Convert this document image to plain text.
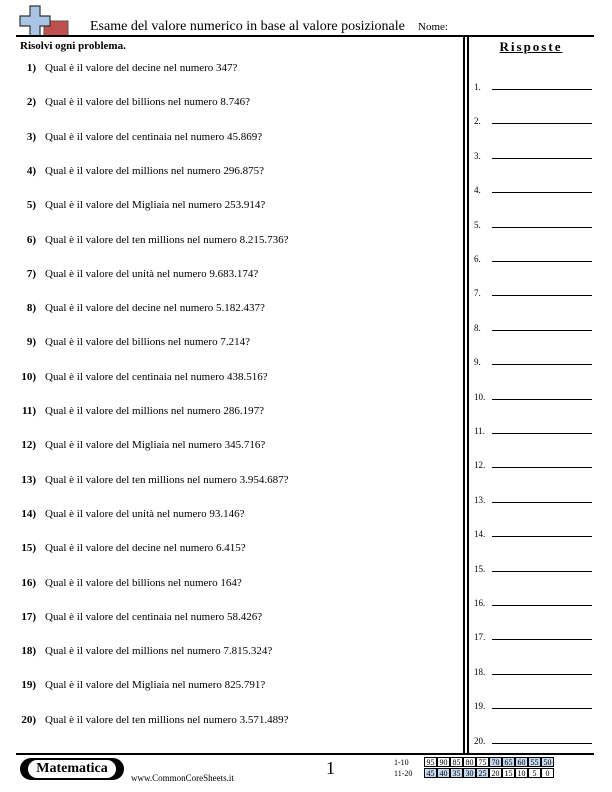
Esame del valore numerico in base al valore posizionale Nome:
Risolvi ogni problema.
1) Qual è il valore del decine nel numero 347?
2) Qual è il valore del billions nel numero 8.746?
3) Qual è il valore del centinaia nel numero 45.869?
4) Qual è il valore del millions nel numero 296.875?
5) Qual è il valore del Migliaia nel numero 253.914?
6) Qual è il valore del ten millions nel numero 8.215.736?
7) Qual è il valore del unità nel numero 9.683.174?
8) Qual è il valore del decine nel numero 5.182.437?
9) Qual è il valore del billions nel numero 7.214?
10) Qual è il valore del centinaia nel numero 438.516?
11) Qual è il valore del millions nel numero 286.197?
12) Qual è il valore del Migliaia nel numero 345.716?
13) Qual è il valore del ten millions nel numero 3.954.687?
14) Qual è il valore del unità nel numero 93.146?
15) Qual è il valore del decine nel numero 6.415?
16) Qual è il valore del billions nel numero 164?
17) Qual è il valore del centinaia nel numero 58.426?
18) Qual è il valore del millions nel numero 7.815.324?
19) Qual è il valore del Migliaia nel numero 825.791?
20) Qual è il valore del ten millions nel numero 3.571.489?
Risposte
1.
2.
3.
4.
5.
6.
7.
8.
9.
10.
11.
12.
13.
14.
15.
16.
17.
18.
19.
20.
Matematica
www.CommonCoreSheets.it	1	1-10	95 90 85 80 75 70 65 60 55 50
11-20	45 40 35 30 25 20 15 10 5	0
